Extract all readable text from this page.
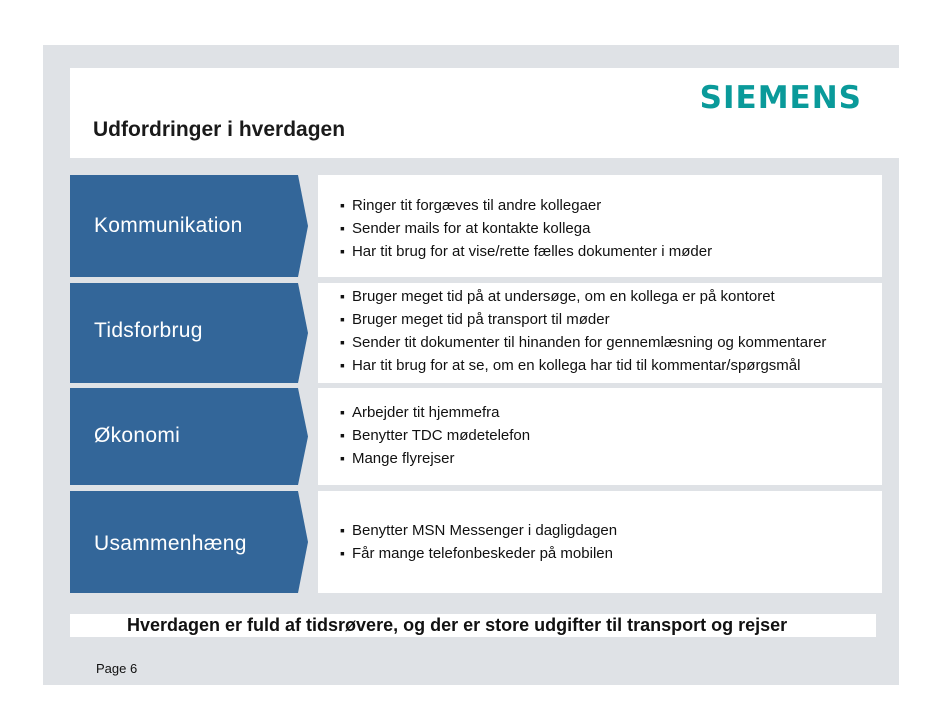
SIEMENS
Udfordringer i hverdagen
Kommunikation
▪ Ringer tit forgæves til andre kollegaer
▪ Sender mails for at kontakte kollega
▪ Har tit brug for at vise/rette fælles dokumenter i møder
Tidsforbrug
▪ Bruger meget tid på at undersøge, om en kollega er på kontoret
▪ Bruger meget tid på transport til møder
▪ Sender tit dokumenter til hinanden for gennemlæsning og kommentarer
▪ Har tit brug for at se, om en kollega har tid til kommentar/spørgsmål
Økonomi
▪ Arbejder tit hjemmefra
▪ Benytter TDC mødetelefon
▪ Mange flyrejser
Usammenhæng
▪ Benytter MSN Messenger i dagligdagen
▪ Får mange telefonbeskeder på mobilen
Hverdagen er fuld af tidsrøvere, og der er store udgifter til transport og rejser
Page 6
